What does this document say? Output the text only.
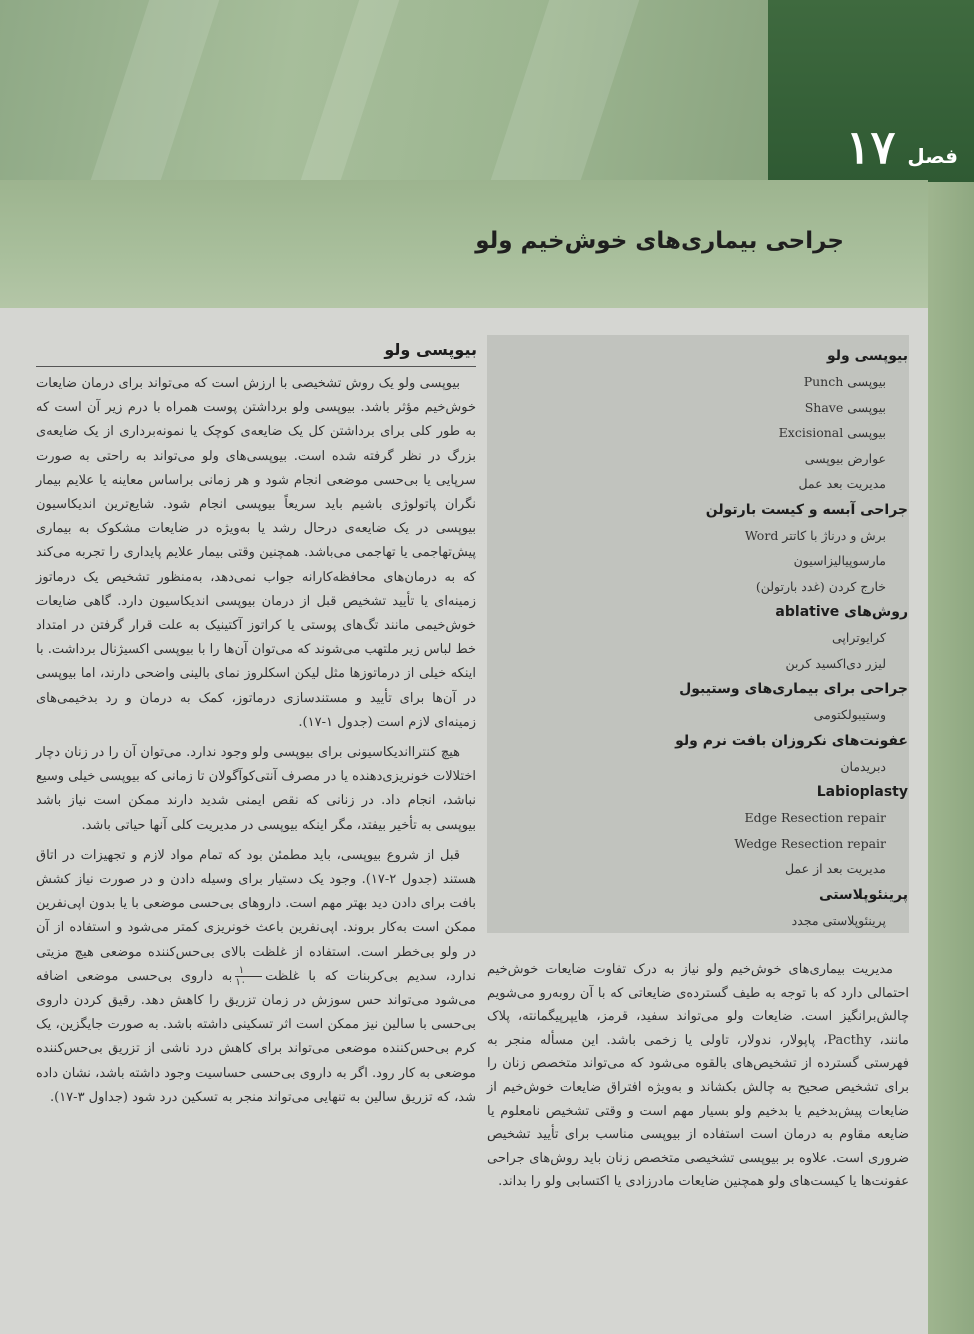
فصل
۱۷
جراحی بیماری‌های خوش‌خیم ولو
بیوپسی ولو
بیوپسی Punch
بیوپسی Shave
بیوپسی Excisional
عوارض بیوپسی
مدیریت بعد عمل
جراحی آبسه و کیست بارتولن
برش و درناژ با کاتتر Word
مارسوپیالیزاسیون
خارج کردن (غدد بارتولن)
روش‌های ablative
کرایوتراپی
لیزر دی‌اکسید کربن
جراحی برای بیماری‌های وستیبول
وستیبولکتومی
عفونت‌های نکروزان بافت نرم ولو
دبریدمان
Labioplasty
Edge Resection repair
Wedge Resection repair
مدیریت بعد از عمل
پرینئوپلاستی
پرینئوپلاستی مجدد
بیوپسی ولو

بیوپسی ولو یک روش تشخیصی با ارزش است که می‌تواند برای درمان ضایعات خوش‌خیم مؤثر باشد. بیوپسی ولو برداشتن پوست همراه با درم زیر آن است که به طور کلی برای برداشتن کل یک ضایعه‌ی کوچک یا نمونه‌برداری از یک ضایعه‌ی بزرگ در نظر گرفته شده است. بیوپسی‌های ولو می‌تواند به راحتی به صورت سرپایی یا بی‌حسی موضعی انجام شود و هر زمانی براساس معاینه یا علایم بیمار نگران پاتولوژی باشیم باید سریعاً بیوپسی انجام شود. شایع‌ترین اندیکاسیون بیوپسی در یک ضایعه‌ی درحال رشد یا به‌ویژه در ضایعات مشکوک به بیماری پیش‌تهاجمی یا تهاجمی می‌باشد. همچنین وقتی بیمار علایم پایداری را تجربه می‌کند که به درمان‌های محافظه‌کارانه جواب نمی‌دهد، به‌منظور تشخیص یک درماتوز زمینه‌ای یا تأیید تشخیص قبل از درمان بیوپسی اندیکاسیون دارد. گاهی ضایعات خوش‌خیمی مانند تگ‌های پوستی یا کراتوز آکتینیک به علت قرار گرفتن در امتداد خط لباس زیر ملتهب می‌شوند که می‌توان آن‌ها را با بیوپسی اکسیژنال برداشت. با اینکه خیلی از درماتوزها مثل لیکن اسکلروز نمای بالینی واضحی دارند، اما بیوپسی در آن‌ها برای تأیید و مستندسازی درماتوز، کمک به درمان و رد بدخیمی‌های زمینه‌ای لازم است (جدول ۱-۱۷).

هیچ کنترااندیکاسیونی برای بیوپسی ولو وجود ندارد. می‌توان آن را در زنان دچار اختلالات خونریزی‌دهنده یا در مصرف آنتی‌کوآگولان تا زمانی که بیوپسی خیلی وسیع نباشد، انجام داد. در زنانی که نقص ایمنی شدید دارند ممکن است نیاز باشد بیوپسی به تأخیر بیفتد، مگر اینکه بیوپسی در مدیریت کلی آنها حیاتی باشد.

قبل از شروع بیوپسی، باید مطمئن بود که تمام مواد لازم و تجهیزات در اتاق هستند (جدول ۲-۱۷). وجود یک دستیار برای وسیله دادن و در صورت نیاز کشش بافت برای دادن دید بهتر مهم است. داروهای بی‌حسی موضعی با یا بدون اپی‌نفرین ممکن است به‌کار بروند. اپی‌نفرین باعث خونریزی کمتر می‌شود و استفاده از آن در ولو بی‌خطر است. استفاده از غلظت بالای بی‌حس‌کننده موضعی هیچ مزیتی ندارد، سدیم بی‌کربنات که با غلظت
$\frac{۱}{۱۰}$
به داروی بی‌حسی موضعی اضافه می‌شود می‌تواند حس سوزش در زمان تزریق را کاهش دهد. رقیق کردن داروی بی‌حسی با سالین نیز ممکن است اثر تسکینی داشته باشد. به صورت جایگزین، یک کرم بی‌حس‌کننده موضعی می‌تواند برای کاهش درد ناشی از تزریق بی‌حس‌کننده موضعی به کار رود. اگر به داروی بی‌حسی حساسیت وجود داشته باشد، نشان داده شد، که تزریق سالین به تنهایی می‌تواند منجر به تسکین درد شود (جداول ۳-۱۷).

مدیریت بیماری‌های خوش‌خیم ولو نیاز به درک تفاوت ضایعات خوش‌خیم احتمالی دارد که با توجه به طیف گسترده‌ی ضایعاتی که با آن روبه‌رو می‌شویم چالش‌برانگیز است. ضایعات ولو می‌تواند سفید، قرمز، هایپرپیگمانته، پلاک مانند، Pacthy، پاپولار، ندولار، تاولی یا زخمی باشد. این مسأله منجر به فهرستی گسترده از تشخیص‌های بالقوه می‌شود که می‌تواند متخصص زنان را برای تشخیص صحیح به چالش بکشاند و به‌ویژه افتراق ضایعات خوش‌خیم از ضایعات پیش‌بدخیم یا بدخیم ولو بسیار مهم است و وقتی تشخیص نامعلوم یا ضایعه مقاوم به درمان است استفاده از بیوپسی مناسب برای تأیید تشخیص ضروری است. علاوه بر بیوپسی تشخیصی متخصص زنان باید روش‌های جراحی عفونت‌ها یا کیست‌های ولو همچنین ضایعات مادرزادی یا اکتسابی ولو را بداند.
